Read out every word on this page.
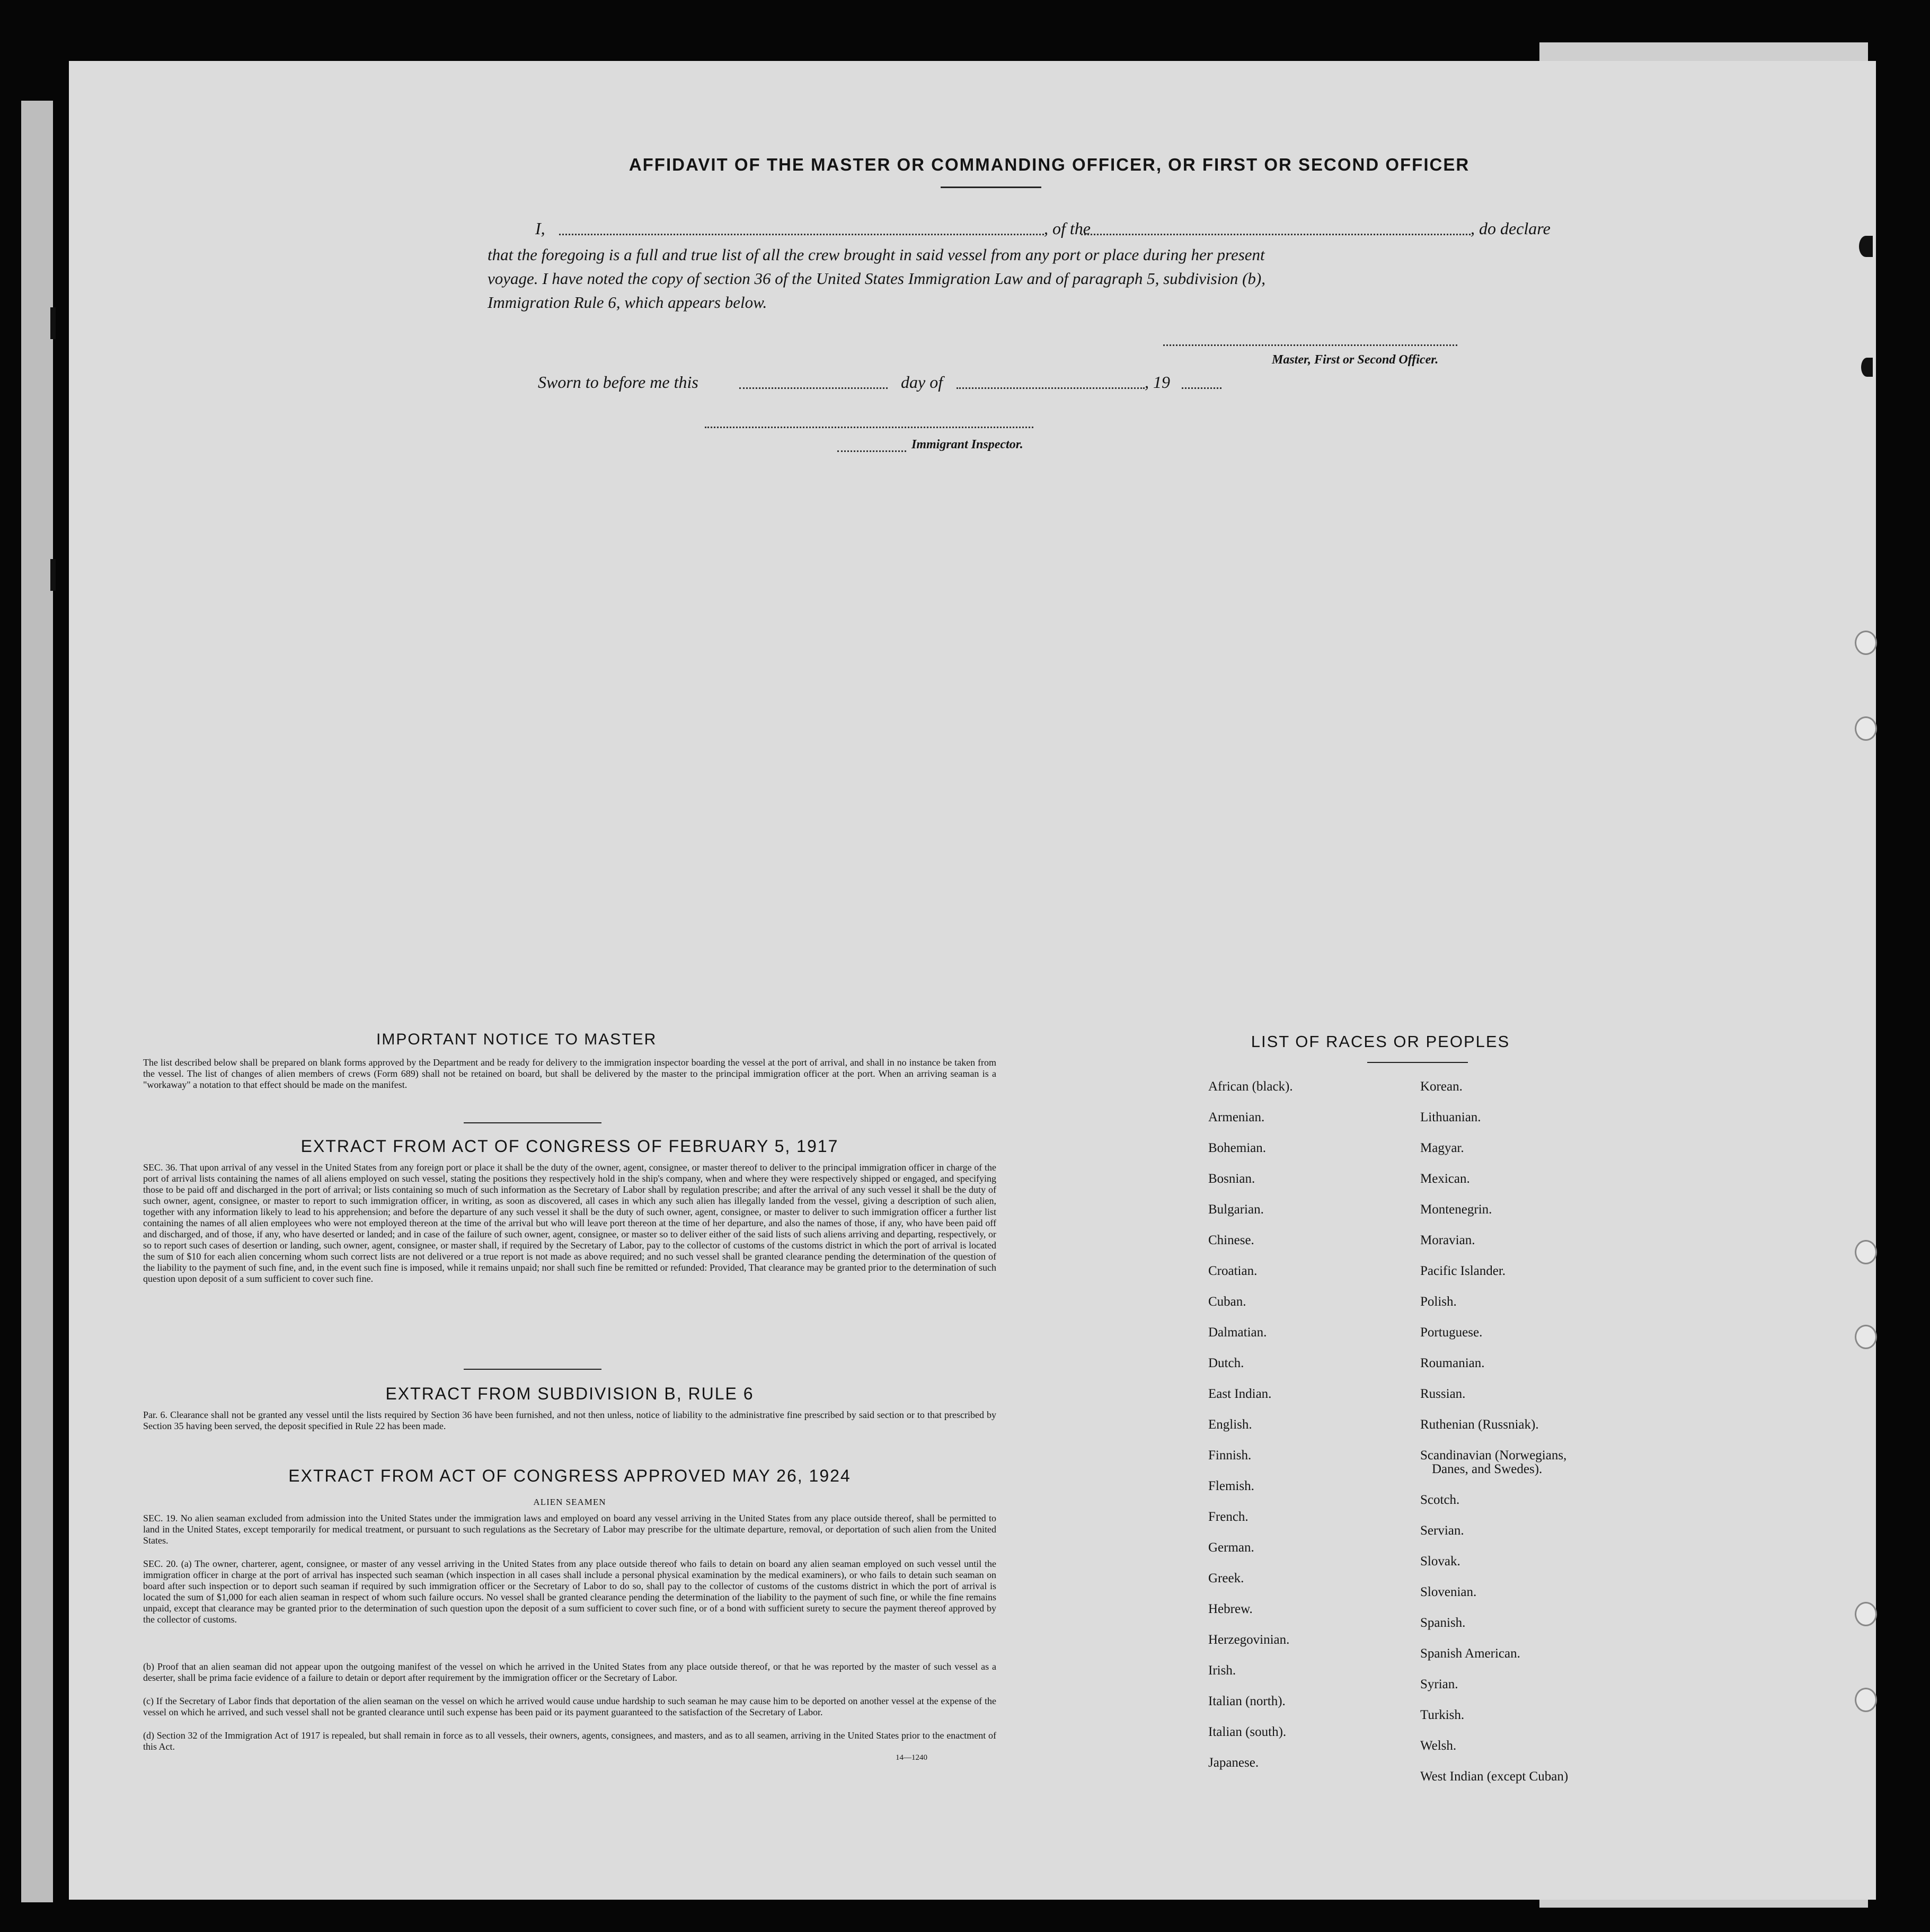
AFFIDAVIT OF THE MASTER OR COMMANDING OFFICER, OR FIRST OR SECOND OFFICER
I,	, of the	, do declare
that the foregoing is a full and true list of all the crew brought in said vessel from any port or place during her present
voyage. I have noted the copy of section 36 of the United States Immigration Law and of paragraph 5, subdivision (b),
Immigration Rule 6, which appears below.
Master, First or Second Officer.
Sworn to before me this	day of	, 19
Immigrant Inspector.
IMPORTANT NOTICE TO MASTER
The list described below shall be prepared on blank forms approved by the Department and be ready for delivery to the immigration inspector boarding the vessel at the port of arrival, and shall in no instance be taken from the vessel. The list of changes of alien members of crews (Form 689) shall not be retained on board, but shall be delivered by the master to the principal immigration officer at the port. When an arriving seaman is a "workaway" a notation to that effect should be made on the manifest.
EXTRACT FROM ACT OF CONGRESS OF FEBRUARY 5, 1917
SEC. 36. That upon arrival of any vessel in the United States from any foreign port or place it shall be the duty of the owner, agent, consignee, or master thereof to deliver to the principal immigration officer in charge of the port of arrival lists containing the names of all aliens employed on such vessel, stating the positions they respectively hold in the ship's company, when and where they were respectively shipped or engaged, and specifying those to be paid off and discharged in the port of arrival; or lists containing so much of such information as the Secretary of Labor shall by regulation prescribe; and after the arrival of any such vessel it shall be the duty of such owner, agent, consignee, or master to report to such immigration officer, in writing, as soon as discovered, all cases in which any such alien has illegally landed from the vessel, giving a description of such alien, together with any information likely to lead to his apprehension; and before the departure of any such vessel it shall be the duty of such owner, agent, consignee, or master to deliver to such immigration officer a further list containing the names of all alien employees who were not employed thereon at the time of the arrival but who will leave port thereon at the time of her departure, and also the names of those, if any, who have been paid off and discharged, and of those, if any, who have deserted or landed; and in case of the failure of such owner, agent, consignee, or master so to deliver either of the said lists of such aliens arriving and departing, respectively, or so to report such cases of desertion or landing, such owner, agent, consignee, or master shall, if required by the Secretary of Labor, pay to the collector of customs of the customs district in which the port of arrival is located the sum of $10 for each alien concerning whom such correct lists are not delivered or a true report is not made as above required; and no such vessel shall be granted clearance pending the determination of the question of the liability to the payment of such fine, and, in the event such fine is imposed, while it remains unpaid; nor shall such fine be remitted or refunded: Provided, That clearance may be granted prior to the determination of such question upon deposit of a sum sufficient to cover such fine.
EXTRACT FROM SUBDIVISION B, RULE 6
Par. 6. Clearance shall not be granted any vessel until the lists required by Section 36 have been furnished, and not then unless, notice of liability to the administrative fine prescribed by said section or to that prescribed by Section 35 having been served, the deposit specified in Rule 22 has been made.
EXTRACT FROM ACT OF CONGRESS APPROVED MAY 26, 1924
ALIEN SEAMEN
SEC. 19. No alien seaman excluded from admission into the United States under the immigration laws and employed on board any vessel arriving in the United States from any place outside thereof, shall be permitted to land in the United States, except temporarily for medical treatment, or pursuant to such regulations as the Secretary of Labor may prescribe for the ultimate departure, removal, or deportation of such alien from the United States.
SEC. 20. (a) The owner, charterer, agent, consignee, or master of any vessel arriving in the United States from any place outside thereof who fails to detain on board any alien seaman employed on such vessel until the immigration officer in charge at the port of arrival has inspected such seaman (which inspection in all cases shall include a personal physical examination by the medical examiners), or who fails to detain such seaman on board after such inspection or to deport such seaman if required by such immigration officer or the Secretary of Labor to do so, shall pay to the collector of customs of the customs district in which the port of arrival is located the sum of $1,000 for each alien seaman in respect of whom such failure occurs. No vessel shall be granted clearance pending the determination of the liability to the payment of such fine, or while the fine remains unpaid, except that clearance may be granted prior to the determination of such question upon the deposit of a sum sufficient to cover such fine, or of a bond with sufficient surety to secure the payment thereof approved by the collector of customs.
(b) Proof that an alien seaman did not appear upon the outgoing manifest of the vessel on which he arrived in the United States from any place outside thereof, or that he was reported by the master of such vessel as a deserter, shall be prima facie evidence of a failure to detain or deport after requirement by the immigration officer or the Secretary of Labor.
(c) If the Secretary of Labor finds that deportation of the alien seaman on the vessel on which he arrived would cause undue hardship to such seaman he may cause him to be deported on another vessel at the expense of the vessel on which he arrived, and such vessel shall not be granted clearance until such expense has been paid or its payment guaranteed to the satisfaction of the Secretary of Labor.
(d) Section 32 of the Immigration Act of 1917 is repealed, but shall remain in force as to all vessels, their owners, agents, consignees, and masters, and as to all seamen, arriving in the United States prior to the enactment of this Act.
14—1240
LIST OF RACES OR PEOPLES
African (black).
Armenian.
Bohemian.
Bosnian.
Bulgarian.
Chinese.
Croatian.
Cuban.
Dalmatian.
Dutch.
East Indian.
English.
Finnish.
Flemish.
French.
German.
Greek.
Hebrew.
Herzegovinian.
Irish.
Italian (north).
Italian (south).
Japanese.
Korean.
Lithuanian.
Magyar.
Mexican.
Montenegrin.
Moravian.
Pacific Islander.
Polish.
Portuguese.
Roumanian.
Russian.
Ruthenian (Russniak).
Scandinavian (Norwegians,
Danes, and Swedes).
Scotch.
Servian.
Slovak.
Slovenian.
Spanish.
Spanish American.
Syrian.
Turkish.
Welsh.
West Indian (except Cuban)
